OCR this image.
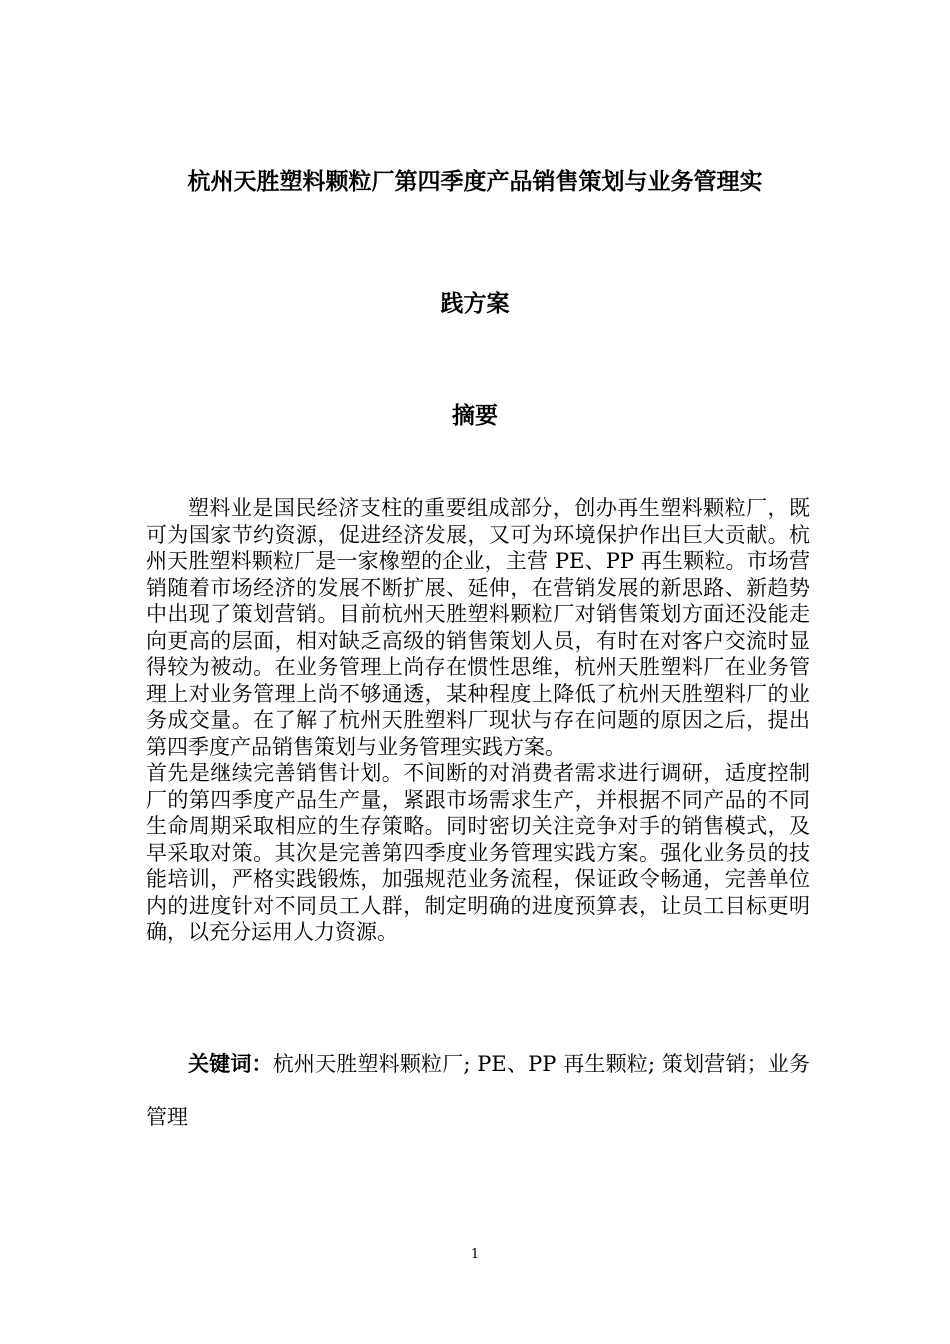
杭州天胜塑料颗粒厂第四季度产品销售策划与业务管理实
践方案
摘要

塑料业是国民经济支柱的重要组成部分，创办再生塑料颗粒厂，既可为国家节约资源，促进经济发展，又可为环境保护作出巨大贡献。杭州天胜塑料颗粒厂是一家橡塑的企业，主营 PE、PP 再生颗粒。市场营销随着市场经济的发展不断扩展、延伸，在营销发展的新思路、新趋势中出现了策划营销。目前杭州天胜塑料颗粒厂对销售策划方面还没能走向更高的层面，相对缺乏高级的销售策划人员，有时在对客户交流时显得较为被动。在业务管理上尚存在惯性思维，杭州天胜塑料厂在业务管理上对业务管理上尚不够通透，某种程度上降低了杭州天胜塑料厂的业务成交量。在了解了杭州天胜塑料厂现状与存在问题的原因之后，提出第四季度产品销售策划与业务管理实践方案。

首先是继续完善销售计划。不间断的对消费者需求进行调研，适度控制厂的第四季度产品生产量，紧跟市场需求生产，并根据不同产品的不同生命周期采取相应的生存策略。同时密切关注竞争对手的销售模式，及早采取对策。其次是完善第四季度业务管理实践方案。强化业务员的技能培训，严格实践锻炼，加强规范业务流程，保证政令畅通，完善单位内的进度针对不同员工人群，制定明确的进度预算表，让员工目标更明确，以充分运用人力资源。

关键词：杭州天胜塑料颗粒厂; PE、PP 再生颗粒; 策划营销；业务管理
1
